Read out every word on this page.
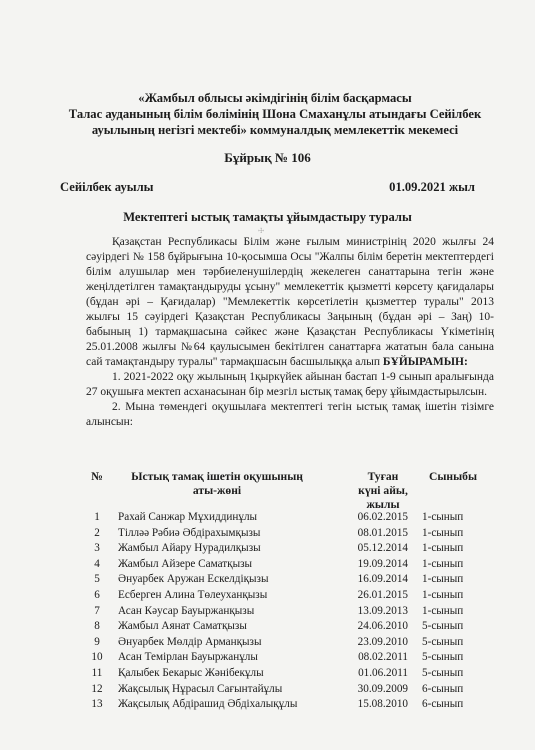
«Жамбыл облысы әкімдігінің білім басқармасы
Талас ауданының білім бөлімінің Шона Смаханұлы атындағы Сейілбек
ауылының негізгі мектебі» коммуналдық мемлекеттік мекемесі
Бұйрық № 106
Сейілбек ауылы	01.09.2021 жыл
Мектептегі ыстық тамақты ұйымдастыру туралы
☩

Қазақстан Республикасы Білім және ғылым министрінің 2020 жылғы 24 сәуірдегі № 158 бұйрығына 10-қосымша Осы "Жалпы білім беретін мектептердегі білім алушылар мен тәрбиеленушілердің жекелеген санаттарына тегін және жеңілдетілген тамақтандыруды ұсыну" мемлекеттік қызметті көрсету қағидалары (бұдан әрі – Қағидалар) "Мемлекеттік көрсетілетін қызметтер туралы" 2013 жылғы 15 сәуірдегі Қазақстан Республикасы Заңының (бұдан әрі – Заң) 10-бабының 1) тармақшасына сәйкес және Қазақстан Республикасы Үкіметінің 25.01.2008 жылғы №64 қаулысымен бекітілген санаттарға жататын бала санына сай тамақтандыру туралы" тармақшасын басшылыққа алып БҰЙЫРАМЫН:

1. 2021-2022 оқу жылының 1қыркүйек айынан бастап 1-9 сынып аралығында 27 оқушыға мектеп асханасынан бір мезгіл ыстық тамақ беру ұйымдастырылсын.

2. Мына төмендегі оқушылаға мектептегі тегін ыстық тамақ ішетін тізімге алынсын:

№	Ыстық тамақ ішетін оқушының
аты-жөні
Туған
күні айы,
жылы
Сыныбы
1	Рахай Санжар Мұхиддинұлы	06.02.2015 1-сынып
2	Тілләә Рәбиә Әбдірахымқызы	08.01.2015 1-сынып
3	Жамбыл Айару Нурадилқызы	05.12.2014 1-сынып
4	Жамбыл Айзере Саматқызы	19.09.2014 1-сынып
5	Әнуарбек Аружан Ескелдіқызы	16.09.2014 1-сынып
6	Есберген Алина Төлеуханқызы	26.01.2015 1-сынып
7	Асан Кәусар Бауыржанқызы	13.09.2013 1-сынып
8	Жамбыл Аянат Саматқызы	24.06.2010 5-сынып
9	Әнуарбек Мөлдір Арманқызы	23.09.2010 5-сынып
10	Асан Темірлан Бауыржанұлы	08.02.2011 5-сынып
11	Қалыбек Бекарыс Жәнібекұлы	01.06.2011 5-сынып
12	Жақсылық Нұрасыл Сағынтайұлы	30.09.2009 6-сынып
13	Жақсылық Абдірашид Әбдіхалықұлы	15.08.2010 6-сынып
